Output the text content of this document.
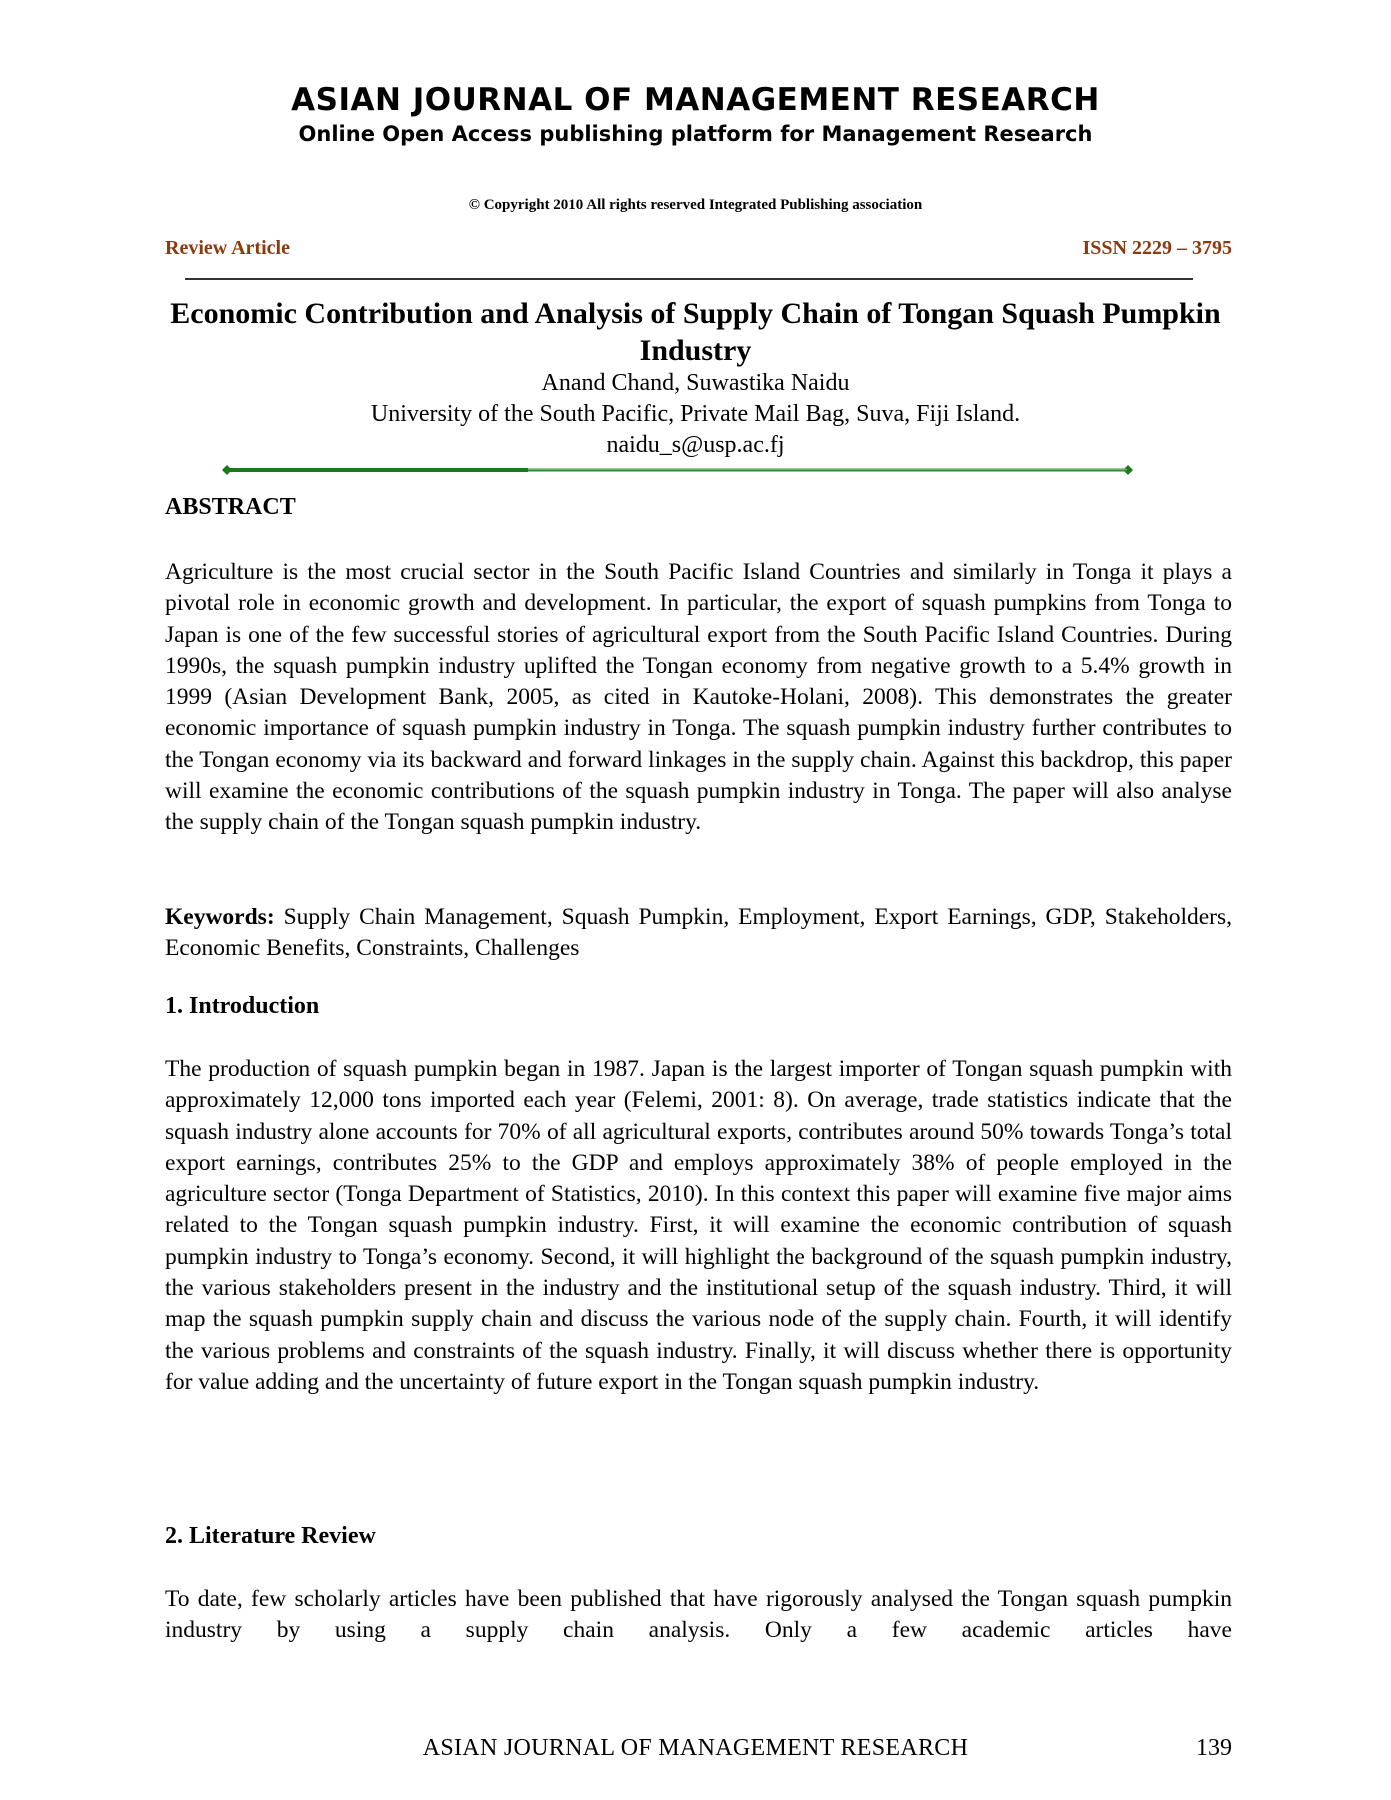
ASIAN JOURNAL OF MANAGEMENT RESEARCH
Online Open Access publishing platform for Management Research
© Copyright 2010 All rights reserved Integrated Publishing association
Review Article	ISSN 2229 – 3795
Economic Contribution and Analysis of Supply Chain of Tongan Squash Pumpkin Industry
Anand Chand, Suwastika Naidu
University of the South Pacific, Private Mail Bag, Suva, Fiji Island.
naidu_s@usp.ac.fj
ABSTRACT

Agriculture is the most crucial sector in the South Pacific Island Countries and similarly in Tonga it plays a pivotal role in economic growth and development. In particular, the export of squash pumpkins from Tonga to Japan is one of the few successful stories of agricultural export from the South Pacific Island Countries. During 1990s, the squash pumpkin industry uplifted the Tongan economy from negative growth to a 5.4% growth in 1999 (Asian Development Bank, 2005, as cited in Kautoke-Holani, 2008). This demonstrates the greater economic importance of squash pumpkin industry in Tonga. The squash pumpkin industry further contributes to the Tongan economy via its backward and forward linkages in the supply chain. Against this backdrop, this paper will examine the economic contributions of the squash pumpkin industry in Tonga. The paper will also analyse the supply chain of the Tongan squash pumpkin industry.

Keywords: Supply Chain Management, Squash Pumpkin, Employment, Export Earnings, GDP, Stakeholders, Economic Benefits, Constraints, Challenges

1. Introduction

The production of squash pumpkin began in 1987. Japan is the largest importer of Tongan squash pumpkin with approximately 12,000 tons imported each year (Felemi, 2001: 8). On average, trade statistics indicate that the squash industry alone accounts for 70% of all agricultural exports, contributes around 50% towards Tonga’s total export earnings, contributes 25% to the GDP and employs approximately 38% of people employed in the agriculture sector (Tonga Department of Statistics, 2010). In this context this paper will examine five major aims related to the Tongan squash pumpkin industry. First, it will examine the economic contribution of squash pumpkin industry to Tonga’s economy. Second, it will highlight the background of the squash pumpkin industry, the various stakeholders present in the industry and the institutional setup of the squash industry. Third, it will map the squash pumpkin supply chain and discuss the various node of the supply chain. Fourth, it will identify the various problems and constraints of the squash industry. Finally, it will discuss whether there is opportunity for value adding and the uncertainty of future export in the Tongan squash pumpkin industry.

2. Literature Review

To date, few scholarly articles have been published that have rigorously analysed the Tongan squash pumpkin industry by using a supply chain analysis. Only a few academic articles have

ASIAN JOURNAL OF MANAGEMENT RESEARCH	139
